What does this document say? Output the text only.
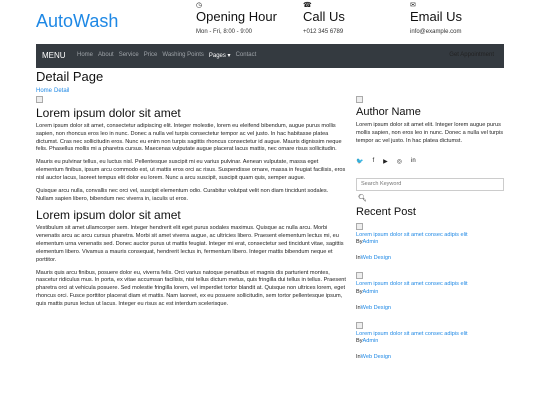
AutoWash
◷
Opening Hour
Mon - Fri, 8:00 - 9:00
☎
Call Us
+012 345 6789
✉
Email Us
info@example.com
MENU Home About Service Price Washing Points Pages ▾ Contact	Get Appointment
Detail Page
Home Detail
Lorem ipsum dolor sit amet

Lorem ipsum dolor sit amet, consectetur adipiscing elit. Integer molestie, lorem eu eleifend bibendum, augue purus mollis sapien, non rhoncus eros leo in nunc. Donec a nulla vel turpis consectetur tempor ac vel justo. In hac habitasse platea dictumst. Cras nec sollicitudin eros. Nunc eu enim non turpis sagittis rhoncus consectetur id augue. Mauris dignissim neque felis. Phasellus mollis mi a pharetra cursus. Maecenas vulputate augue placerat lacus mattis, nec ornare risus sollicitudin.

Mauris eu pulvinar tellus, eu luctus nisl. Pellentesque suscipit mi eu varius pulvinar. Aenean vulputate, massa eget elementum finibus, ipsum arcu commodo est, ut mattis eros orci ac risus. Suspendisse ornare, massa in feugiat facilisis, eros nisl auctor lacus, laoreet tempus elit dolor eu lorem. Nunc a arcu suscipit, suscipit quam quis, semper augue.

Quisque arcu nulla, convallis nec orci vel, suscipit elementum odio. Curabitur volutpat velit non diam tincidunt sodales. Nullam sapien libero, bibendum nec viverra in, iaculis ut eros.

Lorem ipsum dolor sit amet

Vestibulum sit amet ullamcorper sem. Integer hendrerit elit eget purus sodales maximus. Quisque ac nulla arcu. Morbi venenatis arcu ac arcu cursus pharetra. Morbi sit amet viverra augue, ac ultricies libero. Praesent elementum lectus mi, eu elementum urna venenatis sed. Donec auctor purus ut mattis feugiat. Integer mi erat, consectetur sed tincidunt vitae, sagittis elementum libero. Vivamus a mauris consequat, hendrerit lectus in, fermentum libero. Integer mattis bibendum neque et porttitor.

Mauris quis arcu finibus, posuere dolor eu, viverra felis. Orci varius natoque penatibus et magnis dis parturient montes, nascetur ridiculus mus. In porta, ex vitae accumsan facilisis, nisi tellus dictum metus, quis fringilla dui tellus in tellus. Praesent pharetra orci at vehicula posuere. Sed molestie fringilla lorem, vel imperdiet tortor blandit at. Quisque non ultrices lorem, eget rhoncus orci. Fusce porttitor placerat diam et mattis. Nam laoreet, ex eu posuere sollicitudin, sem tortor pellentesque ipsum, quis mattis purus lectus ut lacus. Integer eu risus ac est interdum scelerisque.

Author Name

Lorem ipsum dolor sit amet elit. Integer lorem augue purus mollis sapien, non eros leo in nunc. Donec a nulla vel turpis tempor ac vel justo. In hac platea dictumst.

🐦 f ▶ ◎ in
Search Keyword
🔍︎
Recent Post
Lorem ipsum dolor sit amet consec adipis elit
ByAdmin
InWeb Design
Lorem ipsum dolor sit amet consec adipis elit
ByAdmin
InWeb Design
Lorem ipsum dolor sit amet consec adipis elit
ByAdmin
InWeb Design
